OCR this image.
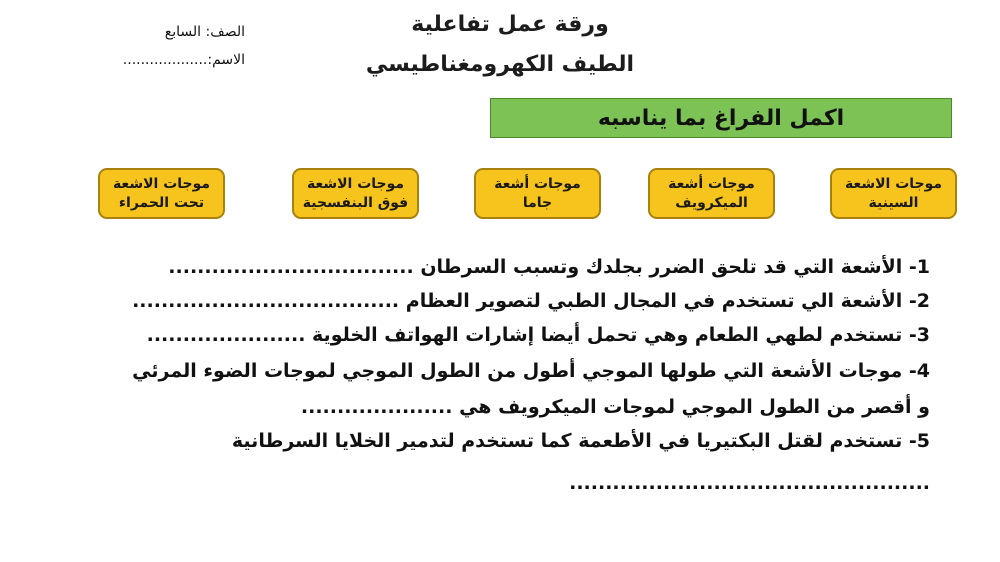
ورقة عمل تفاعلية
الطيف الكهرومغناطيسي
الصف: السابع
الاسم:...................
اكمل الفراغ بما يناسبه
موجات الاشعة
السينية
موجات أشعة
الميكرويف
موجات أشعة
جاما
موجات الاشعة
فوق البنفسجية
موجات الاشعة
تحت الحمراء
1- الأشعة التي قد تلحق الضرر بجلدك وتسبب السرطان ..................................
2- الأشعة الي تستخدم في المجال الطبي لتصوير العظام .....................................
3- تستخدم لطهي الطعام وهي تحمل أيضا إشارات الهواتف الخلوية ......................
4- موجات الأشعة التي طولها الموجي أطول من الطول الموجي لموجات الضوء المرئي
و أقصر من الطول الموجي لموجات الميكرويف هي .....................
5- تستخدم لقتل البكتيريا في الأطعمة كما تستخدم لتدمير الخلايا السرطانية
..................................................
